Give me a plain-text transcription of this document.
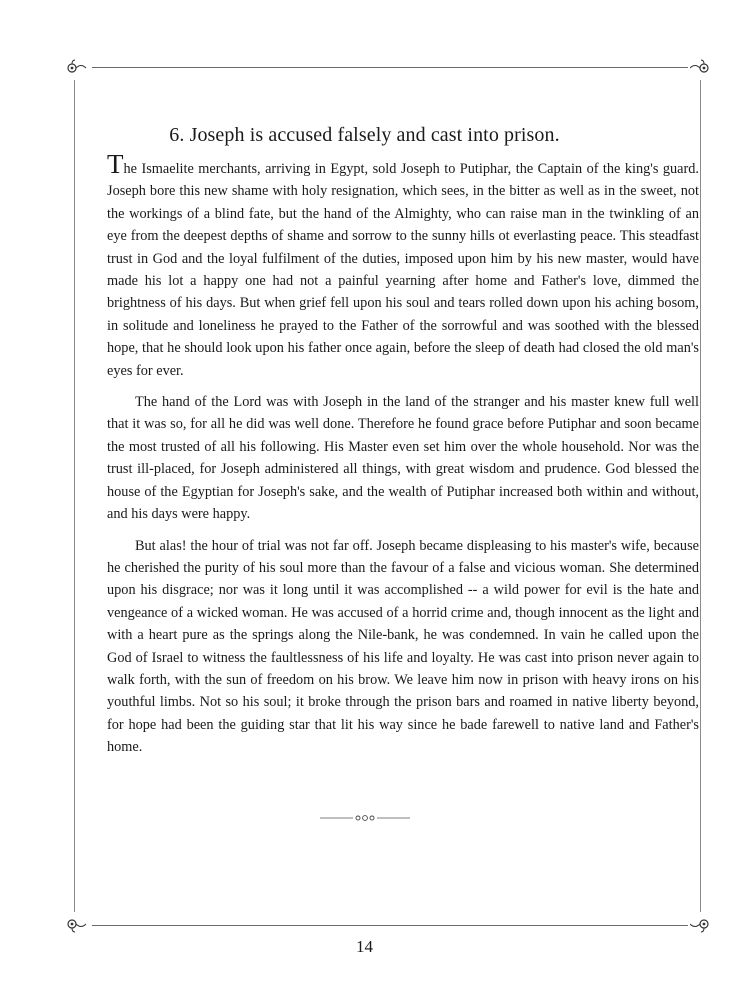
6. Joseph is accused falsely and cast into prison.

The Ismaelite merchants, arriving in Egypt, sold Joseph to Putiphar, the Captain of the king's guard. Joseph bore this new shame with holy resignation, which sees, in the bitter as well as in the sweet, not the workings of a blind fate, but the hand of the Almighty, who can raise man in the twinkling of an eye from the deepest depths of shame and sorrow to the sunny hills ot everlasting peace. This steadfast trust in God and the loyal fulfilment of the duties, imposed upon him by his new master, would have made his lot a happy one had not a painful yearning after home and Father's love, dimmed the brightness of his days. But when grief fell upon his soul and tears rolled down upon his aching bosom, in solitude and loneliness he prayed to the Father of the sorrowful and was soothed with the blessed hope, that he should look upon his father once again, before the sleep of death had closed the old man's eyes for ever.

The hand of the Lord was with Joseph in the land of the stranger and his master knew full well that it was so, for all he did was well done. Therefore he found grace before Putiphar and soon became the most trusted of all his following. His Master even set him over the whole household. Nor was the trust ill-placed, for Joseph administered all things, with great wisdom and prudence. God blessed the house of the Egyptian for Joseph's sake, and the wealth of Putiphar increased both within and without, and his days were happy.

But alas! the hour of trial was not far off. Joseph became displeasing to his master's wife, because he cherished the purity of his soul more than the favour of a false and vicious woman. She determined upon his disgrace; nor was it long until it was accomplished -- a wild power for evil is the hate and vengeance of a wicked woman. He was accused of a horrid crime and, though innocent as the light and with a heart pure as the springs along the Nile-bank, he was condemned. In vain he called upon the God of Israel to witness the faultlessness of his life and loyalty. He was cast into prison never again to walk forth, with the sun of freedom on his brow. We leave him now in prison with heavy irons on his youthful limbs. Not so his soul; it broke through the prison bars and roamed in native liberty beyond, for hope had been the guiding star that lit his way since he bade farewell to native land and Father's home.

14
